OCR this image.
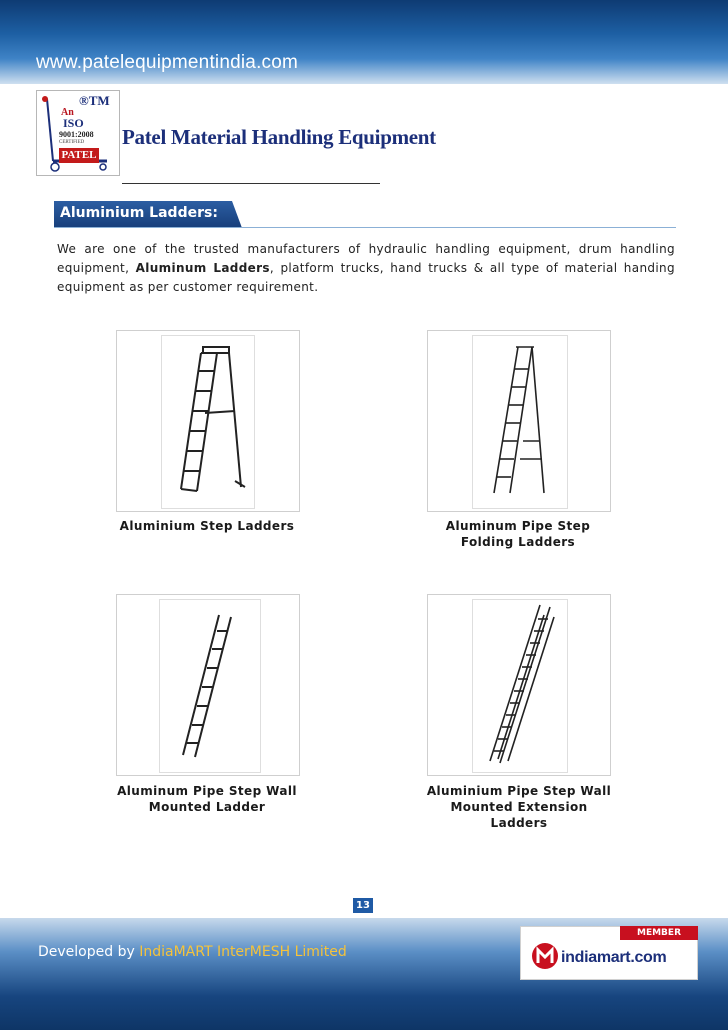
www.patelequipmentindia.com
®TM
An
ISO
9001:2008
CERTIFIED
PATEL
Patel Material Handling Equipment
Aluminium Ladders:

We are one of the trusted manufacturers of hydraulic handling equipment, drum handling equipment, Aluminum Ladders, platform trucks, hand trucks & all type of material handing equipment as per customer requirement.

Aluminium Step Ladders	Aluminum Pipe Step Folding Ladders
Aluminum Pipe Step Wall Mounted Ladder
Aluminium Pipe Step Wall Mounted Extension Ladders
13
Developed by IndiaMART InterMESH Limited
MEMBER
indiamart.com
